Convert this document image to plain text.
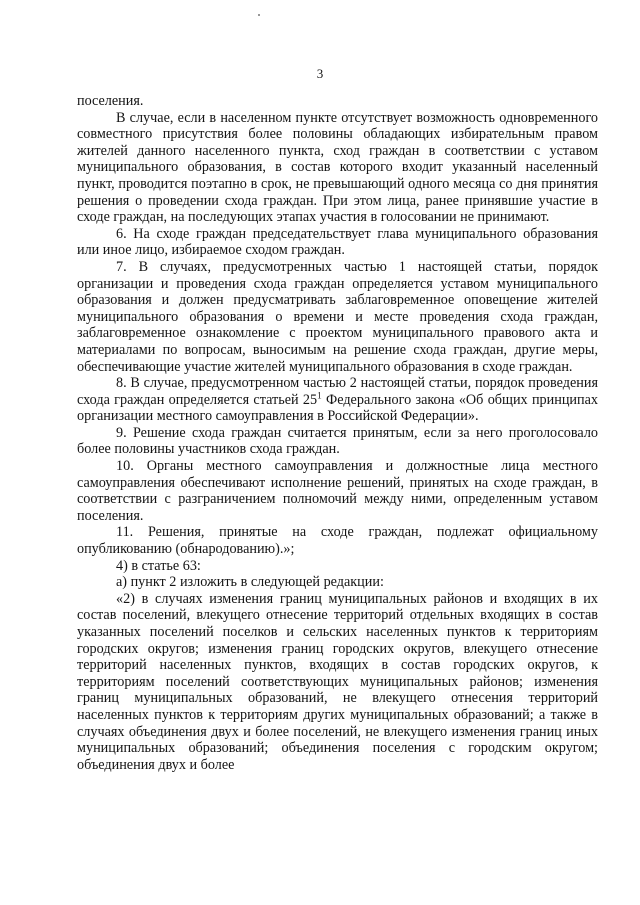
3

поселения.

В случае, если в населенном пункте отсутствует возможность одновременного совместного присутствия более половины обладающих избирательным правом жителей данного населенного пункта, сход граждан в соответствии с уставом муниципального образования, в состав которого входит указанный населенный пункт, проводится поэтапно в срок, не превышающий одного месяца со дня принятия решения о проведении схода граждан. При этом лица, ранее принявшие участие в сходе граждан, на последующих этапах участия в голосовании не принимают.

6. На сходе граждан председательствует глава муниципального образования или иное лицо, избираемое сходом граждан.

7. В случаях, предусмотренных частью 1 настоящей статьи, порядок организации и проведения схода граждан определяется уставом муниципального образования и должен предусматривать заблаговременное оповещение жителей муниципального образования о времени и месте проведения схода граждан, заблаговременное ознакомление с проектом муниципального правового акта и материалами по вопросам, выносимым на решение схода граждан, другие меры, обеспечивающие участие жителей муниципального образования в сходе граждан.

8. В случае, предусмотренном частью 2 настоящей статьи, порядок проведения схода граждан определяется статьей $25^1$ Федерального закона «Об общих принципах организации местного самоуправления в Российской Федерации».

9. Решение схода граждан считается принятым, если за него проголосовало более половины участников схода граждан.

10. Органы местного самоуправления и должностные лица местного самоуправления обеспечивают исполнение решений, принятых на сходе граждан, в соответствии с разграничением полномочий между ними, определенным уставом поселения.

11. Решения, принятые на сходе граждан, подлежат официальному опубликованию (обнародованию).»;

4) в статье 63:

а) пункт 2 изложить в следующей редакции:

«2) в случаях изменения границ муниципальных районов и входящих в их состав поселений, влекущего отнесение территорий отдельных входящих в состав указанных поселений поселков и сельских населенных пунктов к территориям городских округов; изменения границ городских округов, влекущего отнесение территорий населенных пунктов, входящих в состав городских округов, к территориям поселений соответствующих муниципальных районов; изменения границ муниципальных образований, не влекущего отнесения территорий населенных пунктов к территориям других муниципальных образований; а также в случаях объединения двух и более поселений, не влекущего изменения границ иных муниципальных образований; объединения поселения с городским округом; объединения двух и более
